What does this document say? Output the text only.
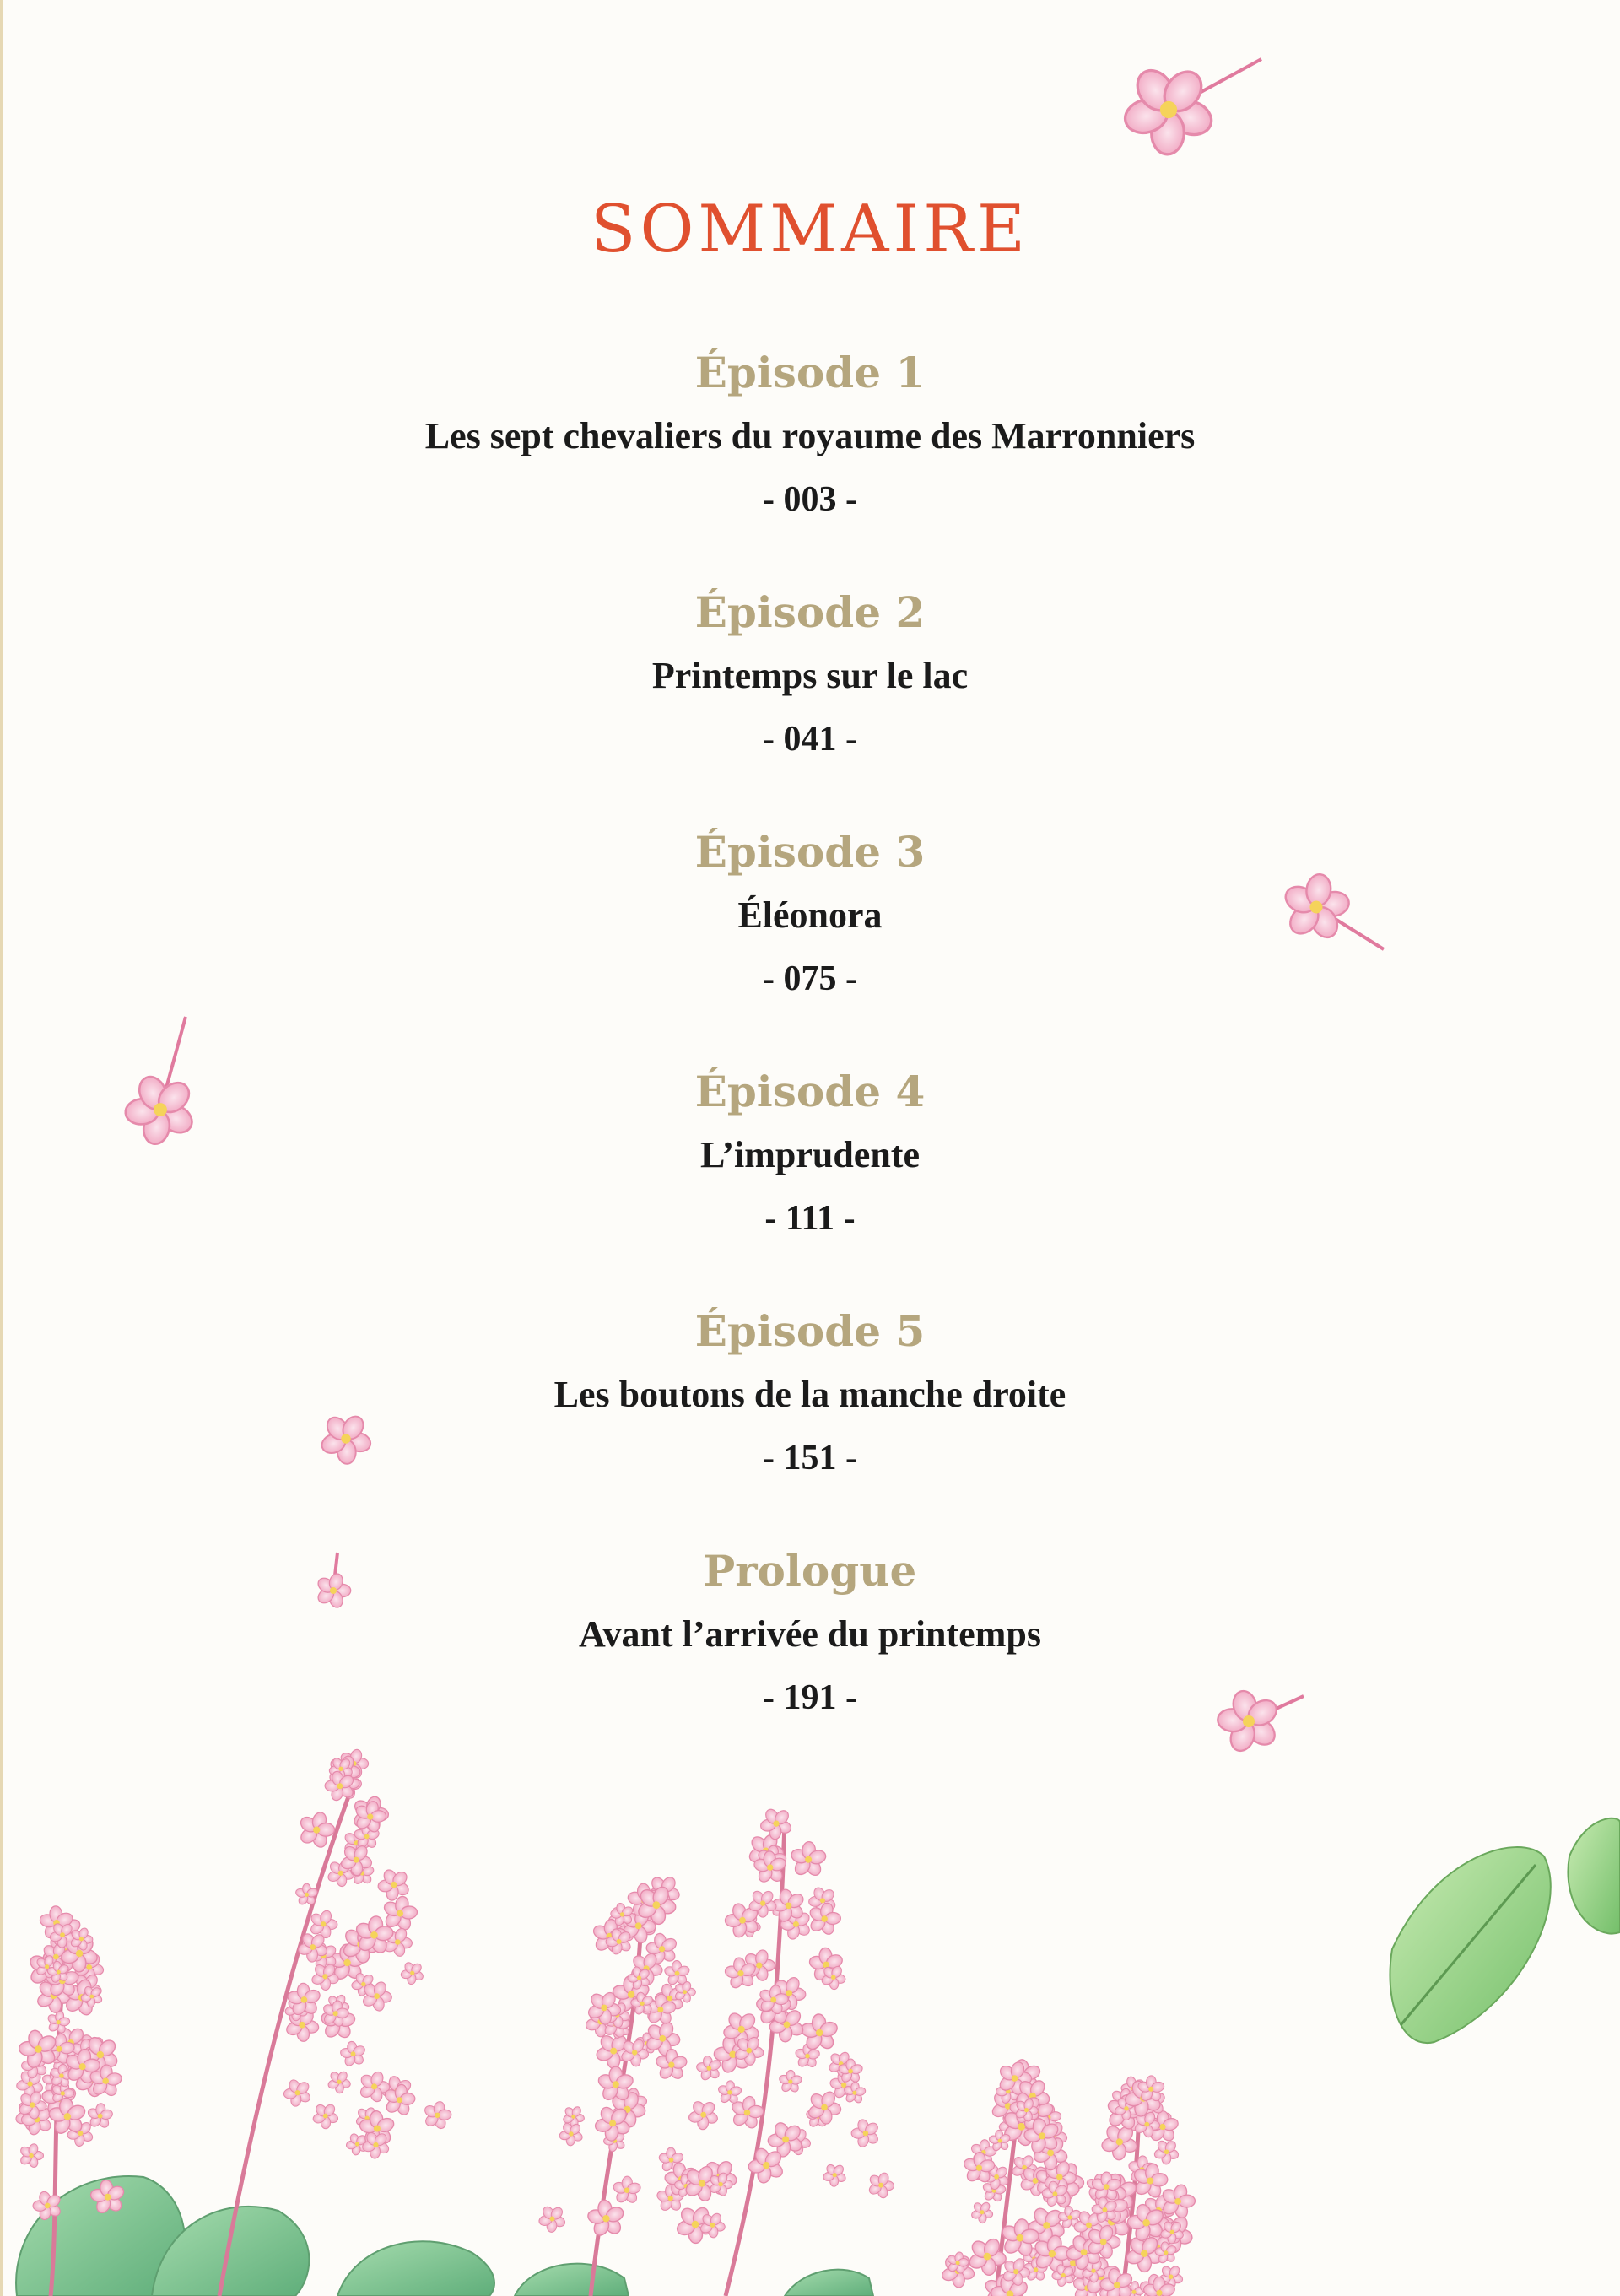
SOMMAIRE
Épisode 1
Les sept chevaliers du royaume des Marronniers
- 003 -
Épisode 2
Printemps sur le lac
- 041 -
Épisode 3
Éléonora
- 075 -
Épisode 4
L’imprudente
- 111 -
Épisode 5
Les boutons de la manche droite
- 151 -
Prologue
Avant l’arrivée du printemps
- 191 -
